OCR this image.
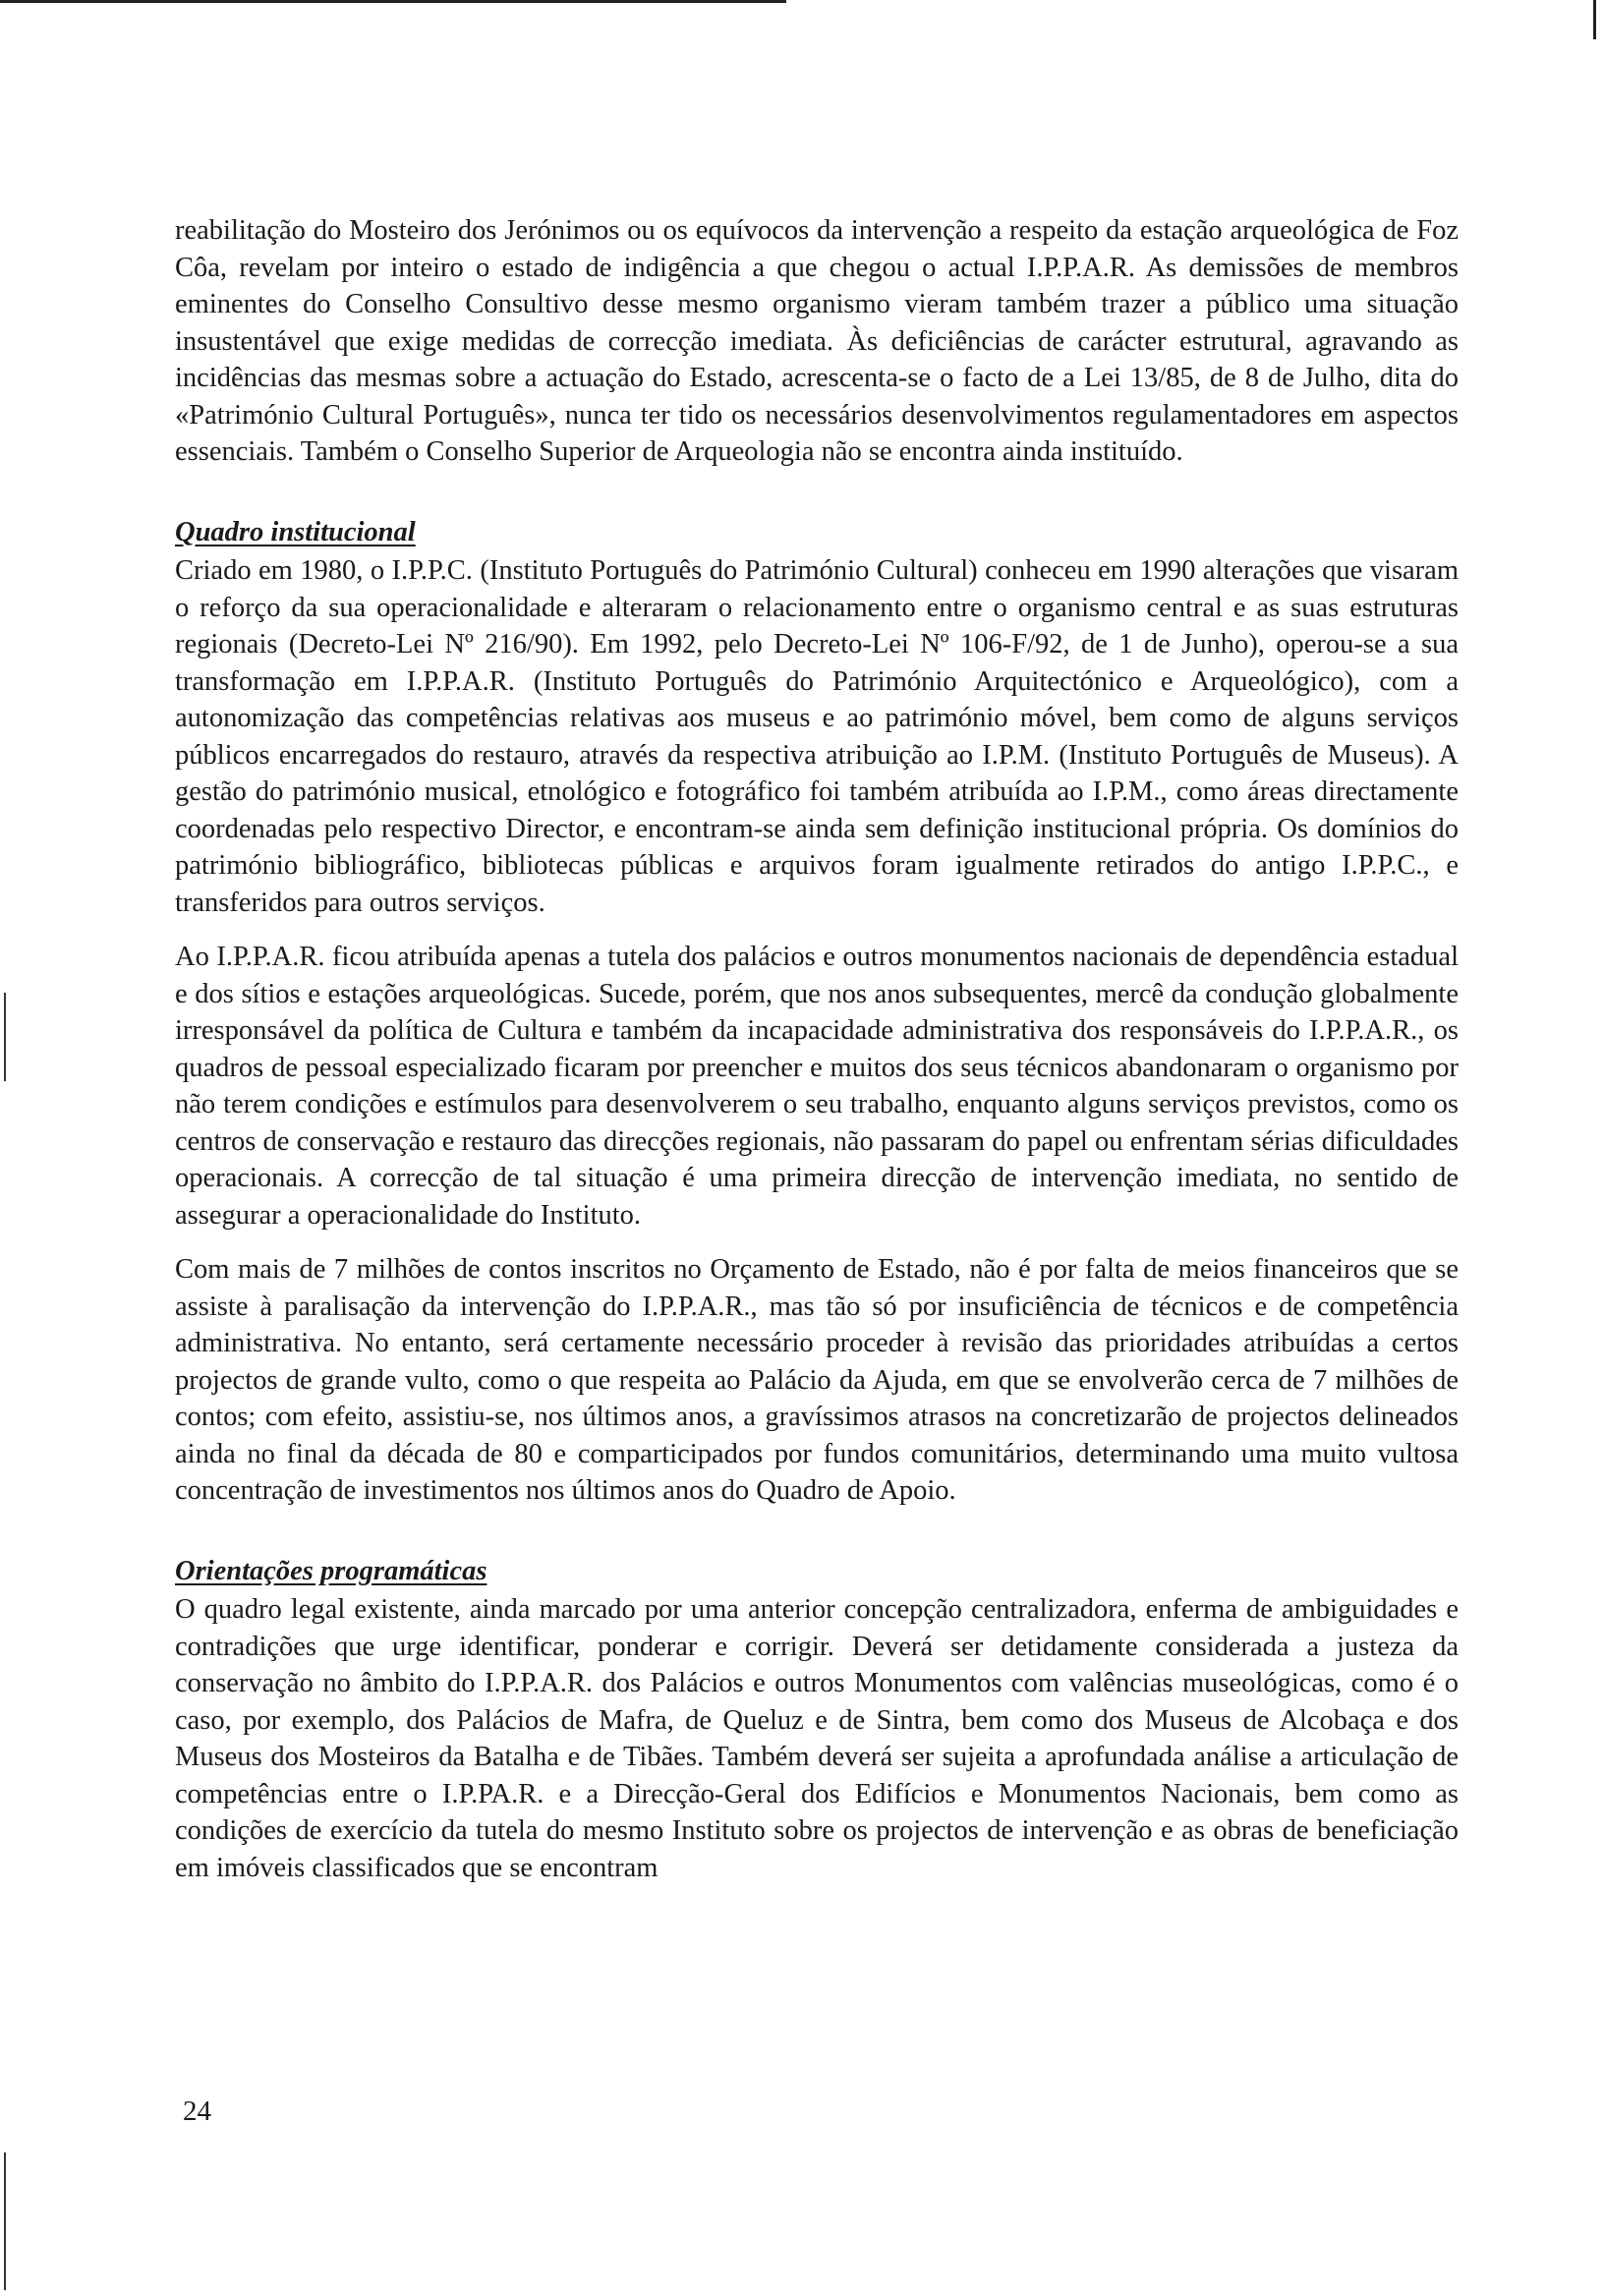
reabilitação do Mosteiro dos Jerónimos ou os equívocos da intervenção a respeito da estação arqueológica de Foz Côa, revelam por inteiro o estado de indigência a que chegou o actual I.P.P.A.R. As demissões de membros eminentes do Conselho Consultivo desse mesmo organismo vieram também trazer a público uma situação insustentável que exige medidas de correcção imediata. Às deficiências de carácter estrutural, agravando as incidências das mesmas sobre a actuação do Estado, acrescenta-se o facto de a Lei 13/85, de 8 de Julho, dita do «Património Cultural Português», nunca ter tido os necessários desenvolvimentos regulamentadores em aspectos essenciais. Também o Conselho Superior de Arqueologia não se encontra ainda instituído.

Quadro institucional

Criado em 1980, o I.P.P.C. (Instituto Português do Património Cultural) conheceu em 1990 alterações que visaram o reforço da sua operacionalidade e alteraram o relacionamento entre o organismo central e as suas estruturas regionais (Decreto-Lei Nº 216/90). Em 1992, pelo Decreto-Lei Nº 106-F/92, de 1 de Junho), operou-se a sua transformação em I.P.P.A.R. (Instituto Português do Património Arquitectónico e Arqueológico), com a autonomização das competências relativas aos museus e ao património móvel, bem como de alguns serviços públicos encarregados do restauro, através da respectiva atribuição ao I.P.M. (Instituto Português de Museus). A gestão do património musical, etnológico e fotográfico foi também atribuída ao I.P.M., como áreas directamente coordenadas pelo respectivo Director, e encontram-se ainda sem definição institucional própria. Os domínios do património bibliográfico, bibliotecas públicas e arquivos foram igualmente retirados do antigo I.P.P.C., e transferidos para outros serviços.

Ao I.P.P.A.R. ficou atribuída apenas a tutela dos palácios e outros monumentos nacionais de dependência estadual e dos sítios e estações arqueológicas. Sucede, porém, que nos anos subsequentes, mercê da condução globalmente irresponsável da política de Cultura e também da incapacidade administrativa dos responsáveis do I.P.P.A.R., os quadros de pessoal especializado ficaram por preencher e muitos dos seus técnicos abandonaram o organismo por não terem condições e estímulos para desenvolverem o seu trabalho, enquanto alguns serviços previstos, como os centros de conservação e restauro das direcções regionais, não passaram do papel ou enfrentam sérias dificuldades operacionais. A correcção de tal situação é uma primeira direcção de intervenção imediata, no sentido de assegurar a operacionalidade do Instituto.

Com mais de 7 milhões de contos inscritos no Orçamento de Estado, não é por falta de meios financeiros que se assiste à paralisação da intervenção do I.P.P.A.R., mas tão só por insuficiência de técnicos e de competência administrativa. No entanto, será certamente necessário proceder à revisão das prioridades atribuídas a certos projectos de grande vulto, como o que respeita ao Palácio da Ajuda, em que se envolverão cerca de 7 milhões de contos; com efeito, assistiu-se, nos últimos anos, a gravíssimos atrasos na concretizarão de projectos delineados ainda no final da década de 80 e comparticipados por fundos comunitários, determinando uma muito vultosa concentração de investimentos nos últimos anos do Quadro de Apoio.

Orientações programáticas

O quadro legal existente, ainda marcado por uma anterior concepção centralizadora, enferma de ambiguidades e contradições que urge identificar, ponderar e corrigir. Deverá ser detidamente considerada a justeza da conservação no âmbito do I.P.P.A.R. dos Palácios e outros Monumentos com valências museológicas, como é o caso, por exemplo, dos Palácios de Mafra, de Queluz e de Sintra, bem como dos Museus de Alcobaça e dos Museus dos Mosteiros da Batalha e de Tibães. Também deverá ser sujeita a aprofundada análise a articulação de competências entre o I.P.PA.R. e a Direcção-Geral dos Edifícios e Monumentos Nacionais, bem como as condições de exercício da tutela do mesmo Instituto sobre os projectos de intervenção e as obras de beneficiação em imóveis classificados que se encontram

24
